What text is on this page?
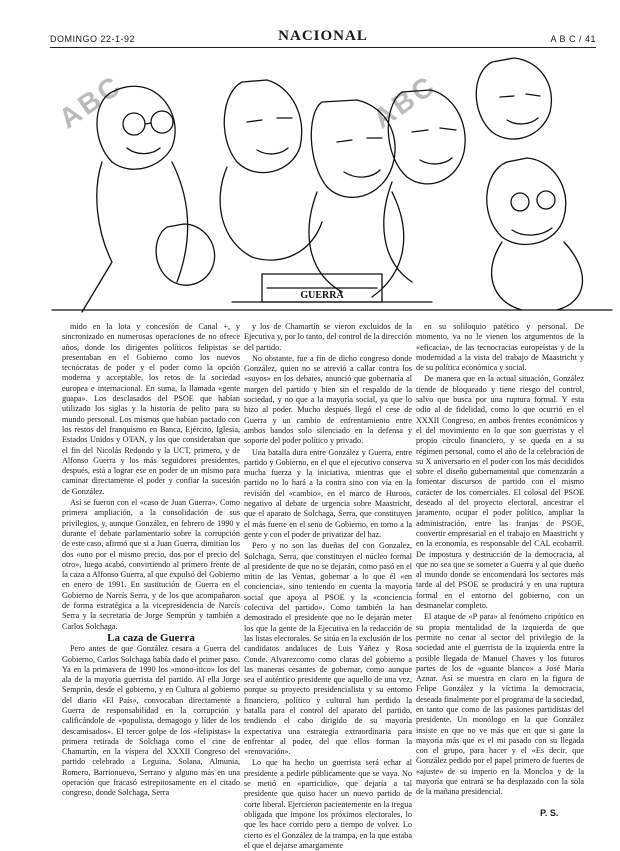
DOMINGO 22-1-92	NACIONAL	A B C / 41
ABC	ABC
GUERRA

mido en la lota y concesión de Canal +, y sincronizado en numerosas operaciones de no ofrece años, donde los dirigentes políticos felipistas se presentaban en el Gobierno como los nuevos tecnócratas de poder y el poder como la opción moderna y acceptable, los retos de la sociedad europea e internacional. En suma, la llamada «gente guapa». Los desclasados del PSOE que habían utilizado los siglas y la historia de pelito para su mundo personal. Los mismos que habían pactado con los restos del franquismo en Banca, Ejército, Iglesia, Estados Unidos y OTAN, y los que consideraban que el fin del Nicolás Redondo y la UCT, primero, y de Alfonso Guerra y los más seguidores presidentes, después, está a lograr ese en poder de un mismo para caminar directamente el poder y confiar la sucesión de González.

Así se fueron con el «caso de Juan Guerra». Como primera ampliación, a la consolidación de sus privilegios, y, aunque González, en febrero de 1990 y durante el debate parlamentario sobre la corrupción de este caso, afirmó que si a Juan Guerra, dimitían los dos «uno por el mismo precio, dos por el precio del otro», luego acabó, convirtiendo al primero frente de la caza a Alfonso Guerra, al que expulsó del Gobierno en enero de 1991. En sustitución de Guerra en el Gobierno de Narcís Serra, y de los que acompañaron de forma estratégica a la vicepresidencia de Narcís Serra y la secretaria de Jorge Semprún y también a Carlos Solchaga.

La caza de Guerra

Pero antes de que González cesara a Guerra del Gobierno, Carlos Solchaga había dado el primer paso. Ya en la primavera de 1990 los «mono-ítico» los del ala de la mayoría guerrista del partido. Al ella Jorge Semprún, desde el gobierno, y en Cultura al gobierno del diario «El País», convocaban directamente a Guerra de responsabilidad en la corrupción y calificándole de «populista, demagogo y líder de los descamisados». El tercer golpe de los «felipistas» la primera retirada de Solchaga como el cine de Chamartín, en la víspera del XXXII Congreso del partido celebrado a Leguina, Solana, Almunia, Romero, Barrionuevo, Serrano y alguno más en una operación que fracasó estrepitosamente en el citado congreso, donde Solchaga, Serra

y los de Chamartín se vieron excluidos de la Ejecutiva y, por lo tanto, del control de la dirección del partido.

No obstante, fue a fin de dicho congreso donde González, quien no se atrevió a callar contra los «suyos» en los debates, anunció que gobernaría al margen del partido y bien sin el respaldo de la sociedad, y no que a la mayoría social, ya que lo hizo al poder. Mucho después llegó el cese de Guerra y un cambio de enfrentamiento entre ambos bandos solo silenciado en la defensa y soporte del poder político y privado.

Una batalla dura entre González y Guerra, entre partido y Gobierno, en el que el ejecutivo conserva mucha fuerza y la iniciativa, mientras que el partido no lo hará a la contra sino con vía en la revisión del «cambio», en el marco de Huroos, negativo al debate de urgencia sobre Maastricht, que el aparato de Solchaga, Serra, que constituyen el más fuerte en el seno de Gobierno, en torno a la gente y con el poder de privatizar del haz.

Pero y no son las dueñas del con Gonzalez, Solchaga, Serra, que constituyen el núcleo formal al presidente de que no se dejarán, como pasó en el mitin de las Ventas, gobernar a lo que él «en conciencia», sino teniendo en cuenta la mayoría social que apoya al PSOE y la «conciencia colectiva del partido». Como también la han demostrado el presidente que no le dejarán meter los que la gente de la Ejecutiva en la redacción de las listas electorales. Se sitúa en la exclusión de los candidatos andaluces de Luis Yáñez y Rosa Conde. Alvarezcomo como claras del gobierno a las maneras cesantes de gobernar, como aunque sea el auténtico presidente que aquello de una vez, porque su proyecto presidencialista y su entorno financiero, político y cultural han perdido la batalla para el control del aparato del partido, tendiendo el cabo dirigido de su mayoría expectativa una estrategia extraordinaria para enfrentar al poder, del que ellos forman la «renovación».

Lo que ha hecho un guerrista será echar al presidente a pedirle públicamente que se vaya. No se metió en «parricidio», que dejaría a tal presidente que quiso hacer un nuevo partido de corte liberal. Ejercieron pacientemente en la tregua obligada que impone los próximos electorales, lo que les hace corrido pero a tiempo de volver. Lo cierto es el González de la trampa, en la que estaba el que el dejarse amargamente

en su soliloquio patético y personal. De momento, va no le vienen los argumentos de la «eficacia», de las tecnocracias europeístas y de la modernidad a la vista del trabajo de Maastricht y de su política económica y social.

De manera que en la actual situación, González tiende de bloqueado y tiene riesgo del control, salvo que busca por una ruptura formal. Y esta odio al de fidelidad, como lo que ocurrió en el XXXII Congreso, en ambos frentes económicos y el del movimiento en lo que son guerristas y el propio círculo financiero, y se queda en a su régimen personal, como el año de la celebración de su X aniversario en el poder con los más decididos sobre el diseño gubernamental que comenzarán a fomentar discursos de partido con el mismo carácter de los comerciales. El colosal del PSOE deseado al del proyecto electoral, ancestrar el jaramento, ocupar el poder político, ampliar la administración, entre las franjas de PSOE, convertir empresarial en el trabajo en Maastricht y en la economía, es responsable del CAL ecobarril. De impostura y destrucción de la democracia, al que no sea que se someter a Guerra y al que dueño al mundo donde se encomendará los sectores más tarde al del PSOE se producirá y en una ruptura formal en el entorno del gobierno, con un desmanelar completo.

El ataque de «P para» al fenómeno cripótico en su propia mentalidad de la izquierda de que permite no cenar al sector del privilegio de la sociedad ante el guerrista de la izquierda entre la posible llegada de Manuel Chaves y los futuros partes de los de «guante blanco» a José María Aznar. Así se muestra en claro en la figura de Felipe González y la víctima la democracia, deseada finalmente por el programa de la sociedad, en tanto que como de las pasiones partidistas del presidente. Un monólogo en la que González insiste en que no ve más que en que si gane la mayoría más que es el mi pasado con su llegada con el grupo, para hacer y el «Es decir, que González pedido por el papel primero de fuertes de «ajuste» de su imperio en la Moncloa y de la mayoría que entrará se ha desplazado con la sola de la mañana presidencial.

P. S.
